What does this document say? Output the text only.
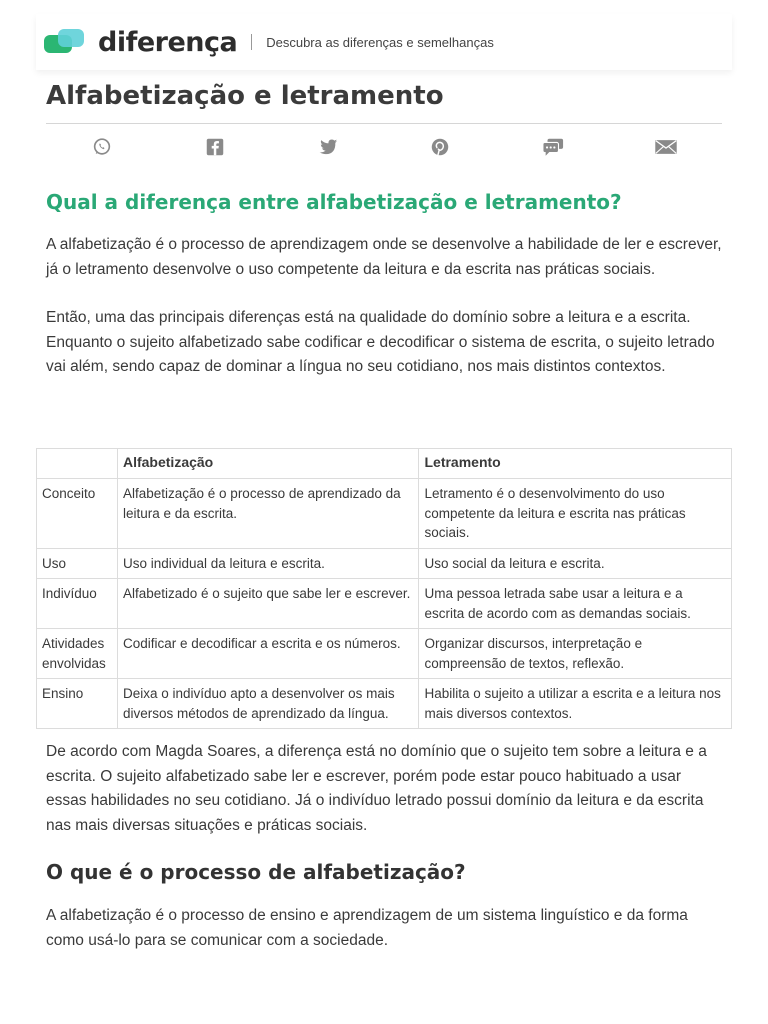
diferença Descubra as diferenças e semelhanças
Alfabetização e letramento
Qual a diferença entre alfabetização e letramento?

A alfabetização é o processo de aprendizagem onde se desenvolve a habilidade de ler e escrever, já o letramento desenvolve o uso competente da leitura e da escrita nas práticas sociais.

Então, uma das principais diferenças está na qualidade do domínio sobre a leitura e a escrita. Enquanto o sujeito alfabetizado sabe codificar e decodificar o sistema de escrita, o sujeito letrado vai além, sendo capaz de dominar a língua no seu cotidiano, nos mais distintos contextos.

	Alfabetização	Letramento
Conceito	Alfabetização é o processo de aprendizado da leitura e da escrita.	Letramento é o desenvolvimento do uso competente da leitura e escrita nas práticas sociais.
Uso	Uso individual da leitura e escrita.	Uso social da leitura e escrita.
Indivíduo	Alfabetizado é o sujeito que sabe ler e escrever.	Uma pessoa letrada sabe usar a leitura e a escrita de acordo com as demandas sociais.
Atividades envolvidas	Codificar e decodificar a escrita e os números.	Organizar discursos, interpretação e compreensão de textos, reflexão.
Ensino	Deixa o indivíduo apto a desenvolver os mais diversos métodos de aprendizado da língua.	Habilita o sujeito a utilizar a escrita e a leitura nos mais diversos contextos.

De acordo com Magda Soares, a diferença está no domínio que o sujeito tem sobre a leitura e a escrita. O sujeito alfabetizado sabe ler e escrever, porém pode estar pouco habituado a usar essas habilidades no seu cotidiano. Já o indivíduo letrado possui domínio da leitura e da escrita nas mais diversas situações e práticas sociais.

O que é o processo de alfabetização?

A alfabetização é o processo de ensino e aprendizagem de um sistema linguístico e da forma como usá-lo para se comunicar com a sociedade.
